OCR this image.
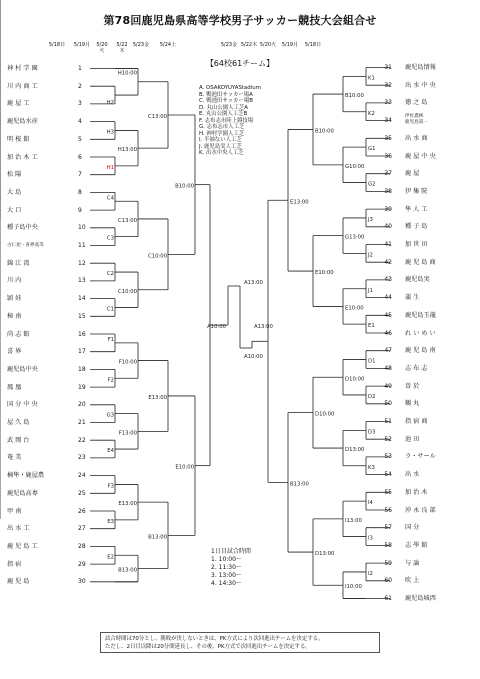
第78回鹿児島県高等学校男子サッカー競技大会組合せ
5/18日	5/19月	5/20
火
5/22
木
5/23金	5/24土	5/23金 5/22木 5/20火	5/19月	5/18日
【64校61チーム】
神 村 学 園	1
川 内 商 工	2
鹿 屋 工	3
鹿児島水産	4
明 桜 館	5
加 治 木 工	6
松 陽	7
大 島	8
大 口	9
種子島中央	10
古仁屋・喜界高等	11
錦 江 湾	12
川 内	13
頴 娃	14
樟 南	15
尚 志 館	16
喜 界	17
鹿児島中央	18
鳳 凰	19
国 分 中 央	20
屋 久 島	21
武 岡 台	22
奄 美	23
楠隼・鹿屋農	24
鹿児島高専	25
甲 南	26
出 水 工	27
鹿 児 島 工	28
指 宿	29
鹿 児 島	30
31 鹿児島情報
32 出 水 中 央
33 徳 之 島
34
伊佐農林
鹿児島第一
35 出 水 商
36 鹿 屋 中 央
37 鹿 屋
38 伊 集 院
39 隼 人 工
40 種 子 島
41 加 世 田
42 鹿 児 島 商
43 鹿児島実
44 蒲 生
45 鹿児島玉龍
46 れ い め い
47 鹿 児 島 南
48 志 布 志
49 曽 於
50 鶴 丸
51 指 宿 商
52 池 田
53 ラ・サール
54 出 水
55 加 治 木
56 沖 永 良 部
57 国 分
58 志 學 館
59 与 論
60 吹 上
61 鹿児島城西
H10:00
H2
H3
H13:00
H1
C13:00
C4
C13:00
C3
C2
C10:00
C1
C10:00
B10:00
F1
F10:00
F2
G3
F13:00
E4
E13:00
F3
E13:00
E3
E2
B13:00
B13:00
E10:00
K1
B10:00
K2
G1
G10:00
G2
B10:00
J3
G13:00
J2
J1
E10:00
E1
E10:00
E13:00
D1
D10:00
D2
D3
D13:00
K3
D10:00
I4
I13:00
I3
I2
D13:00
I10:00
B13:00
A13:00
A10:00	A13:00
A10:00
A. OSAKOYUYAStadium
B. 鴨池田サッカー場A
C. 鴨池田サッカー場B
D. 丸山公園人工芝A
E. 丸山公園人工芝B
F. 志布志市陸上競技場
G. 志布志市人工芝
H. 神村学園人工芝
I. 半袖ない人工芝
J. 鹿児島実人工芝
K. 出水中央人工芝
1日目試合時間
1. 10:00～
2. 11:30～
3. 13:00～
4. 14:30～
試合時間は70分とし、勝敗が決しないときは、PK方式により次回進出チームを決定する。
ただし、2日目以降は20分間延長し、その後、PK方式で次回進出チームを決定する。
